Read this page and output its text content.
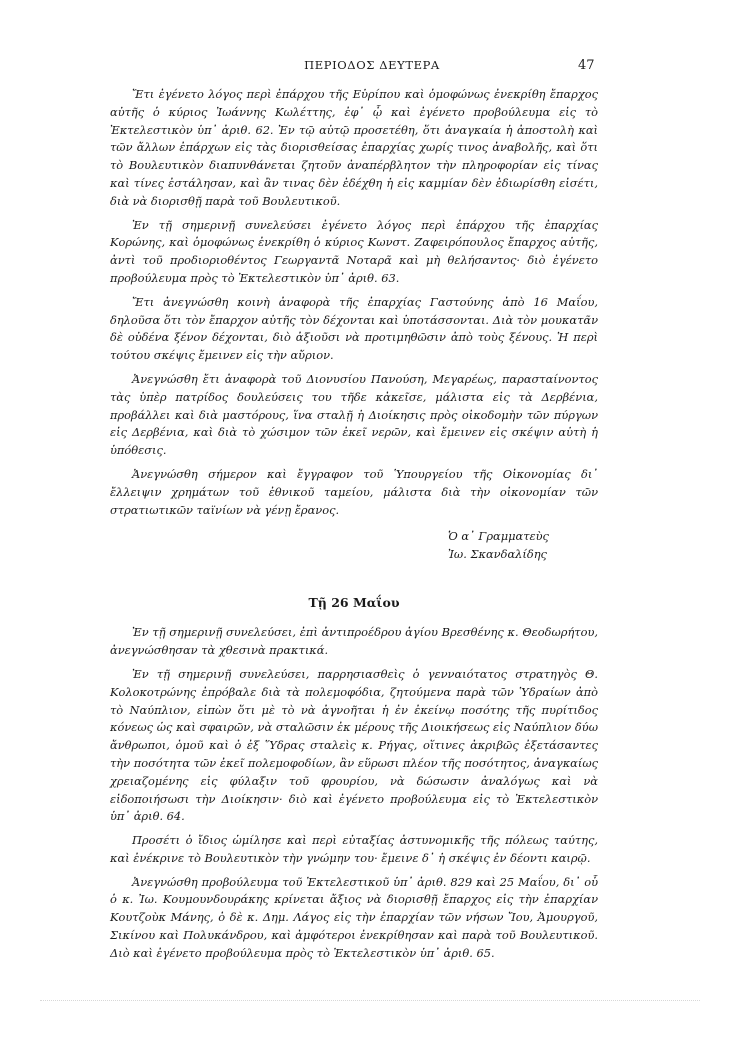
ΠΕΡΙΟΔΟΣ ΔΕΥΤΕΡΑ	47

Ἔτι ἐγένετο λόγος περὶ ἐπάρχου τῆς Εὐρίπου καὶ ὁμοφώνως ἐνεκρίθη ἔπαρχος αὐτῆς ὁ κύριος Ἰωάννης Κωλέττης, ἐφ᾽ ᾧ καὶ ἐγένετο προβούλευμα εἰς τὸ Ἐκτελεστικὸν ὑπ᾽ ἀριθ. 62. Ἐν τῷ αὐτῷ προσετέθη, ὅτι ἀναγκαία ἡ ἀποστολὴ καὶ τῶν ἄλλων ἐπάρχων εἰς τὰς διορισθείσας ἐπαρχίας χωρίς τινος ἀναβολῆς, καὶ ὅτι τὸ Βουλευτικὸν διαπυνθάνεται ζητοῦν ἀναπέρβλητον τὴν πληροφορίαν εἰς τίνας καὶ τίνες ἐστάλησαν, καὶ ἂν τινας δὲν ἐδέχθη ἡ εἰς καμμίαν δὲν ἐδιωρίσθη εἰσέτι, διὰ νὰ διορισθῇ παρὰ τοῦ Βουλευτικοῦ.

Ἐν τῇ σημερινῇ συνελεύσει ἐγένετο λόγος περὶ ἐπάρχου τῆς ἐπαρχίας Κορώνης, καὶ ὁμοφώνως ἐνεκρίθη ὁ κύριος Κωνστ. Ζαφειρόπουλος ἔπαρχος αὐτῆς, ἀντὶ τοῦ προδιοριοθέντος Γεωργαντᾶ Νοταρᾶ καὶ μὴ θελήσαντος· διὸ ἐγένετο προβούλευμα πρὸς τὸ Ἐκτελεστικὸν ὑπ᾽ ἀριθ. 63.

Ἔτι ἀνεγνώσθη κοινὴ ἀναφορὰ τῆς ἐπαρχίας Γαστούνης ἀπὸ 16 Μαΐου, δηλοῦσα ὅτι τὸν ἔπαρχον αὐτῆς τὸν δέχονται καὶ ὑποτάσσονται. Διὰ τὸν μουκατᾶν δὲ οὐδένα ξένον δέχονται, διὸ ἀξιοῦσι νὰ προτιμηθῶσιν ἀπὸ τοὺς ξένους. Ἡ περὶ τούτου σκέψις ἔμεινεν εἰς τὴν αὔριον.

Ἀνεγνώσθη ἔτι ἀναφορὰ τοῦ Διονυσίου Πανούση, Μεγαρέως, παρασταίνοντος τὰς ὑπὲρ πατρίδος δουλεύσεις του τῆδε κἀκεῖσε, μάλιστα εἰς τὰ Δερβένια, προβάλλει καὶ διὰ μαστόρους, ἵνα σταλῇ ἡ Διοίκησις πρὸς οἰκοδομὴν τῶν πύργων εἰς Δερβένια, καὶ διὰ τὸ χώσιμον τῶν ἐκεῖ νερῶν, καὶ ἔμεινεν εἰς σκέψιν αὐτὴ ἡ ὑπόθεσις.

Ἀνεγνώσθη σήμερον καὶ ἔγγραφον τοῦ Ὑπουργείου τῆς Οἰκονομίας δι᾽ ἔλλειψιν χρημάτων τοῦ ἐθνικοῦ ταμείου, μάλιστα διὰ τὴν οἰκονομίαν τῶν στρατιωτικῶν ταϊνίων νὰ γένῃ ἔρανος.

Ὁ α᾽ Γραμματεὺς
Ἰω. Σκανδαλίδης
Τῇ 26 Μαΐου

Ἐν τῇ σημερινῇ συνελεύσει, ἐπὶ ἀντιπροέδρου ἁγίου Βρεσθένης κ. Θεοδωρήτου, ἀνεγνώσθησαν τὰ χθεσινὰ πρακτικά.

Ἐν τῇ σημερινῇ συνελεύσει, παρρησιασθεὶς ὁ γενναιότατος στρατηγὸς Θ. Κολοκοτρώνης ἐπρόβαλε διὰ τὰ πολεμοφόδια, ζητούμενα παρὰ τῶν Ὑδραίων ἀπὸ τὸ Ναύπλιον, εἰπὼν ὅτι μὲ τὸ νὰ ἀγνοῆται ἡ ἐν ἐκείνῳ ποσότης τῆς πυρίτιδος κόνεως ὡς καὶ σφαιρῶν, νὰ σταλῶσιν ἐκ μέρους τῆς Διοικήσεως εἰς Ναύπλιον δύω ἄνθρωποι, ὁμοῦ καὶ ὁ ἐξ Ὕδρας σταλεὶς κ. Ρήγας, οἵτινες ἀκριβῶς ἐξετάσαντες τὴν ποσότητα τῶν ἐκεῖ πολεμοφοδίων, ἂν εὕρωσι πλέον τῆς ποσότητος, ἀναγκαίως χρειαζομένης εἰς φύλαξιν τοῦ φρουρίου, νὰ δώσωσιν ἀναλόγως καὶ νὰ εἰδοποιήσωσι τὴν Διοίκησιν· διὸ καὶ ἐγένετο προβούλευμα εἰς τὸ Ἐκτελεστικὸν ὑπ᾽ ἀριθ. 64.

Προσέτι ὁ ἴδιος ὡμίλησε καὶ περὶ εὐταξίας ἀστυνομικῆς τῆς πόλεως ταύτης, καὶ ἐνέκρινε τὸ Βουλευτικὸν τὴν γνώμην του· ἔμεινε δ᾽ ἡ σκέψις ἐν δέοντι καιρῷ.

Ἀνεγνώσθη προβούλευμα τοῦ Ἐκτελεστικοῦ ὑπ᾽ ἀριθ. 829 καὶ 25 Μαΐου, δι᾽ οὗ ὁ κ. Ἰω. Κουμουνδουράκης κρίνεται ἄξιος νὰ διορισθῇ ἔπαρχος εἰς τὴν ἐπαρχίαν Κουτζοὺκ Μάνης, ὁ δὲ κ. Δημ. Λάγος εἰς τὴν ἐπαρχίαν τῶν νήσων Ἴου, Ἀμουργοῦ, Σικίνου καὶ Πολυκάνδρου, καὶ ἀμφότεροι ἐνεκρίθησαν καὶ παρὰ τοῦ Βουλευτικοῦ. Διὸ καὶ ἐγένετο προβούλευμα πρὸς τὸ Ἐκτελεστικὸν ὑπ᾽ ἀριθ. 65.
